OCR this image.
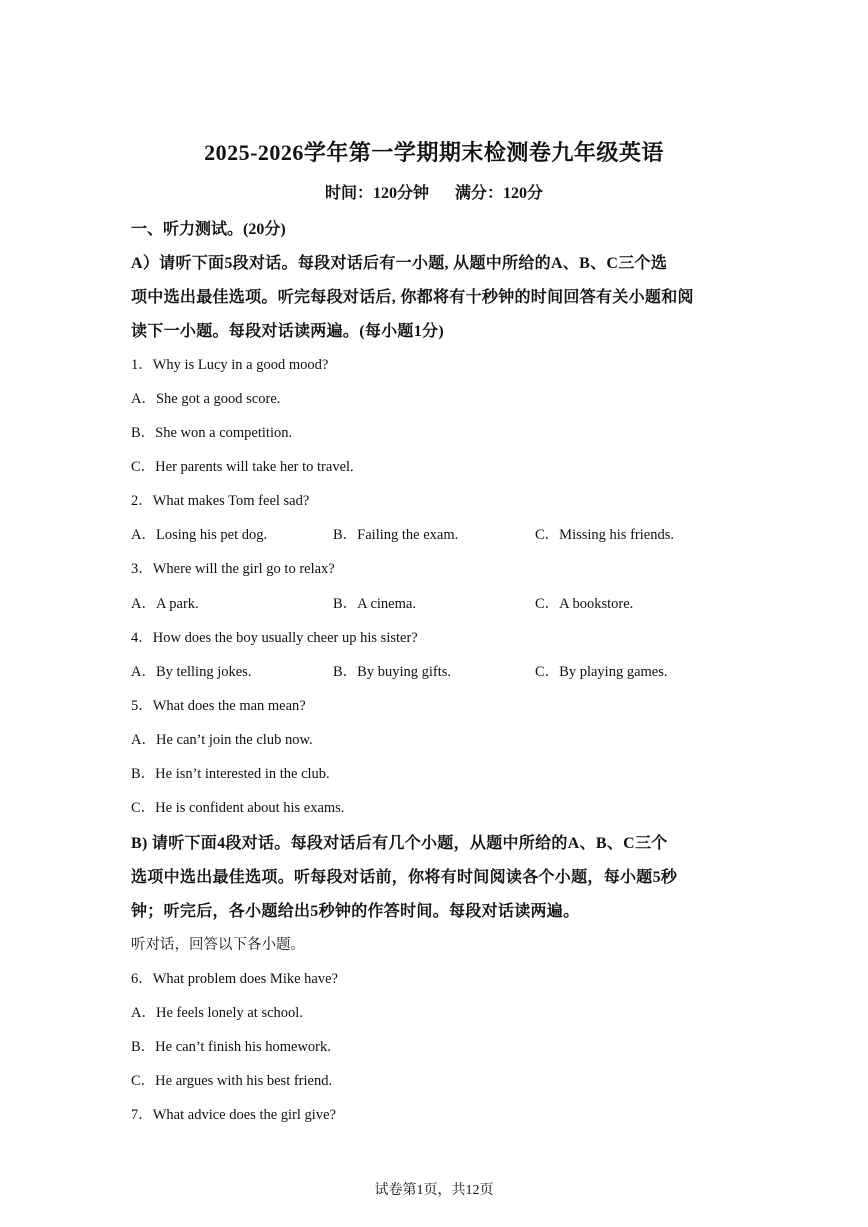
2025-2026学年第一学期期末检测卷九年级英语
时间：120分钟 满分：120分
一、听力测试。(20分)
A）请听下面5段对话。每段对话后有一小题, 从题中所给的A、B、C三个选
项中选出最佳选项。听完每段对话后, 你都将有十秒钟的时间回答有关小题和阅
读下一小题。每段对话读两遍。(每小题1分)
1．Why is Lucy in a good mood?
A．She got a good score.
B．She won a competition.
C．Her parents will take her to travel.
2．What makes Tom feel sad?
A．Losing his pet dog.	B．Failing the exam.	C．Missing his friends.
3．Where will the girl go to relax?
A．A park.	B．A cinema.	C．A bookstore.
4．How does the boy usually cheer up his sister?
A．By telling jokes.	B．By buying gifts.	C．By playing games.
5．What does the man mean?
A．He can’t join the club now.
B．He isn’t interested in the club.
C．He is confident about his exams.
B) 请听下面4段对话。每段对话后有几个小题，从题中所给的A、B、C三个
选项中选出最佳选项。听每段对话前，你将有时间阅读各个小题，每小题5秒
钟；听完后，各小题给出5秒钟的作答时间。每段对话读两遍。
听对话，回答以下各小题。
6．What problem does Mike have?
A．He feels lonely at school.
B．He can’t finish his homework.
C．He argues with his best friend.
7．What advice does the girl give?
试卷第1页，共12页
